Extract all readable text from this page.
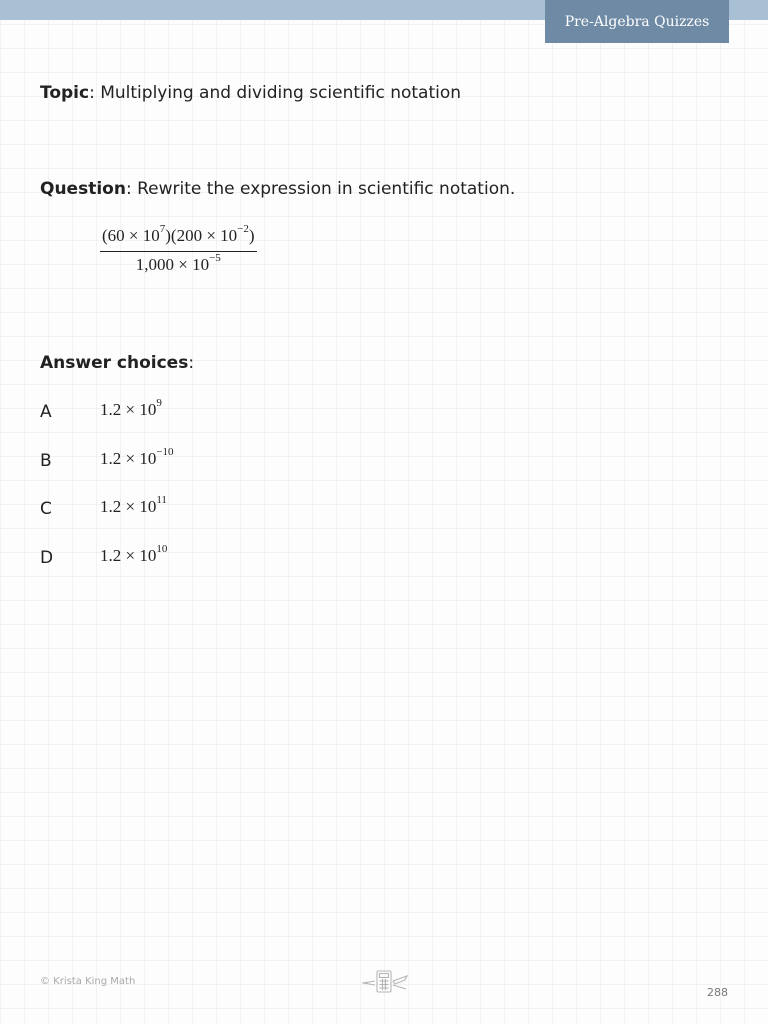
Pre-Algebra Quizzes
Topic: Multiplying and dividing scientific notation
Question: Rewrite the expression in scientific notation.
$\frac{(60 \times 10^7)(200 \times 10^{-2})}{1,000 \times 10^{-5}}$
Answer choices:
A	$1.2 \times 10^9$
B	$1.2 \times 10^{-10}$
C	$1.2 \times 10^{11}$
D	$1.2 \times 10^{10}$
© Krista King Math
288
